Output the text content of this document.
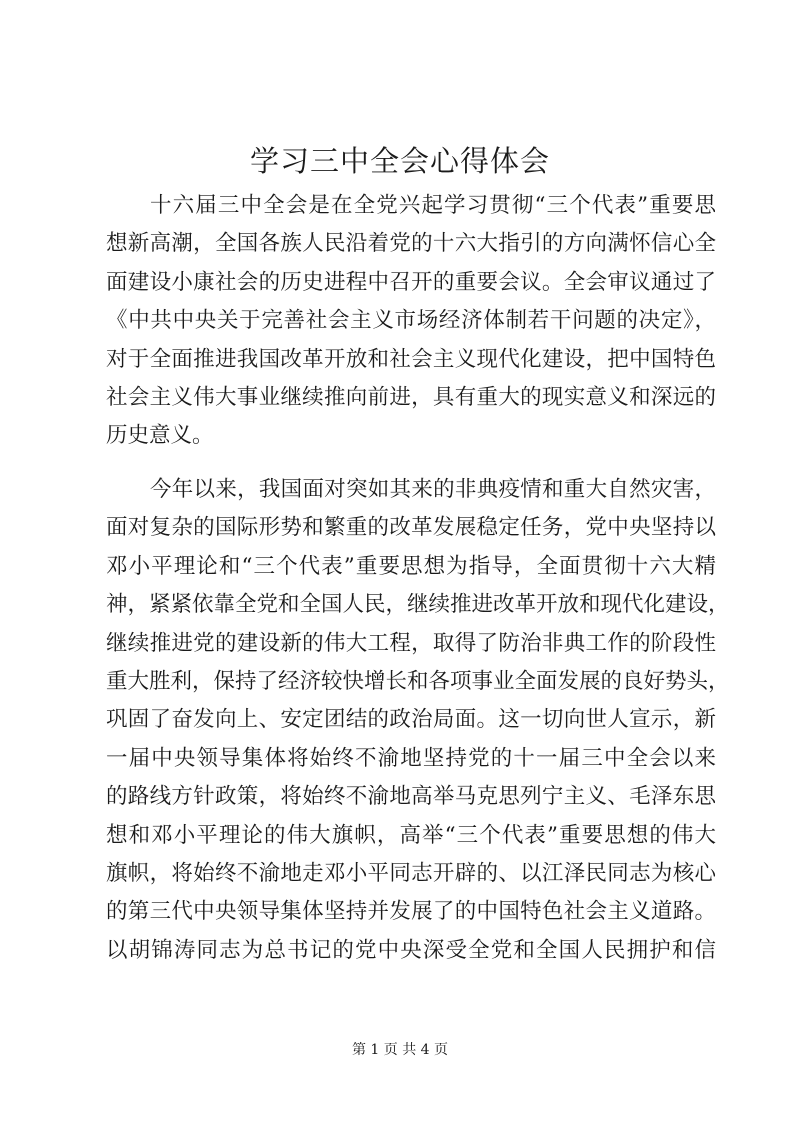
学习三中全会心得体会
十六届三中全会是在全党兴起学习贯彻“三个代表”重要思
想新高潮，全国各族人民沿着党的十六大指引的方向满怀信心全
面建设小康社会的历史进程中召开的重要会议。全会审议通过了
《中共中央关于完善社会主义市场经济体制若干问题的决定》，
对于全面推进我国改革开放和社会主义现代化建设，把中国特色
社会主义伟大事业继续推向前进，具有重大的现实意义和深远的
历史意义。
今年以来，我国面对突如其来的非典疫情和重大自然灾害，
面对复杂的国际形势和繁重的改革发展稳定任务，党中央坚持以
邓小平理论和“三个代表”重要思想为指导，全面贯彻十六大精
神，紧紧依靠全党和全国人民，继续推进改革开放和现代化建设，
继续推进党的建设新的伟大工程，取得了防治非典工作的阶段性
重大胜利，保持了经济较快增长和各项事业全面发展的良好势头，
巩固了奋发向上、安定团结的政治局面。这一切向世人宣示，新
一届中央领导集体将始终不渝地坚持党的十一届三中全会以来
的路线方针政策，将始终不渝地高举马克思列宁主义、毛泽东思
想和邓小平理论的伟大旗帜，高举“三个代表”重要思想的伟大
旗帜，将始终不渝地走邓小平同志开辟的、以江泽民同志为核心
的第三代中央领导集体坚持并发展了的中国特色社会主义道路。
以胡锦涛同志为总书记的党中央深受全党和全国人民拥护和信
第 1 页 共 4 页
